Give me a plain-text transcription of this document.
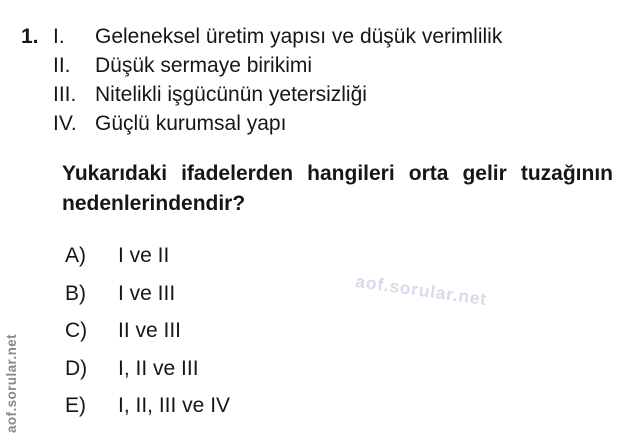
1. I.	Geleneksel üretim yapısı ve düşük verimlilik
II.	Düşük sermaye birikimi
III. Nitelikli işgücünün yetersizliği
IV. Güçlü kurumsal yapı
Yukarıdaki ifadelerden hangileri orta gelir tuzağının nedenlerindendir?
A)	I ve II
B)	I ve III
C)	II ve III
D)	I, II ve III
E)	I, II, III ve IV
aof.sorular.net
aof.sorular.net
